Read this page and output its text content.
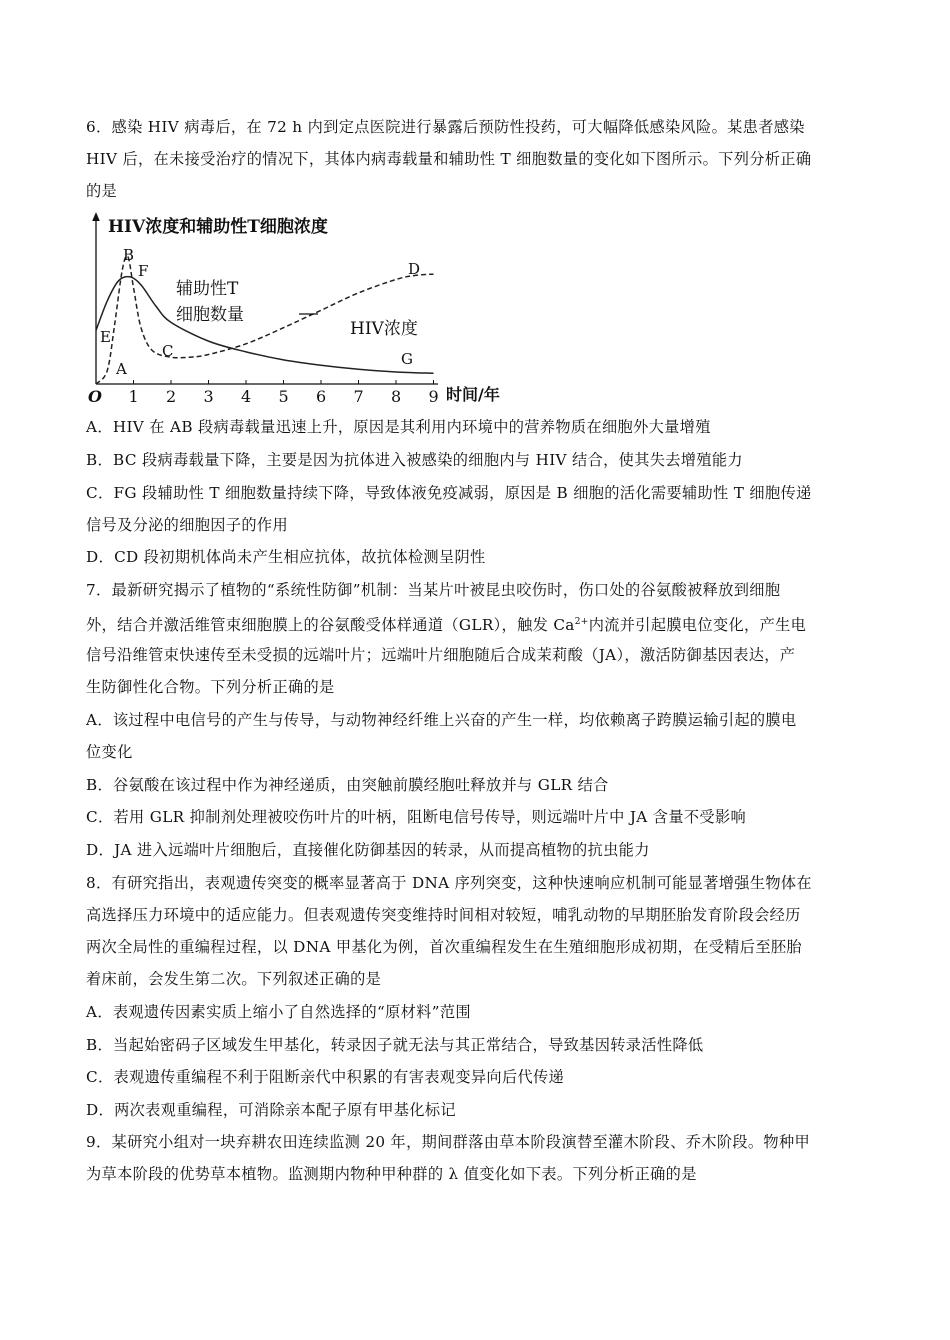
6．感染 HIV 病毒后，在 72 h 内到定点医院进行暴露后预防性投药，可大幅降低感染风险。某患者感染
HIV 后，在未接受治疗的情况下，其体内病毒载量和辅助性 T 细胞数量的变化如下图所示。下列分析正确
的是
HIV浓度和辅助性T细胞浓度
时间/年
O 1 2 3 4 5 6 7 8 9
辅助性T
细胞数量
HIV浓度
A
B
C
D
E
F
G
A．HIV 在 AB 段病毒载量迅速上升，原因是其利用内环境中的营养物质在细胞外大量增殖
B．BC 段病毒载量下降，主要是因为抗体进入被感染的细胞内与 HIV 结合，使其失去增殖能力
C．FG 段辅助性 T 细胞数量持续下降，导致体液免疫减弱，原因是 B 细胞的活化需要辅助性 T 细胞传递
信号及分泌的细胞因子的作用
D．CD 段初期机体尚未产生相应抗体，故抗体检测呈阴性
7．最新研究揭示了植物的“系统性防御”机制：当某片叶被昆虫咬伤时，伤口处的谷氨酸被释放到细胞
外，结合并激活维管束细胞膜上的谷氨酸受体样通道（GLR），触发 $Ca^{2+}$内流并引起膜电位变化，产生电
信号沿维管束快速传至未受损的远端叶片；远端叶片细胞随后合成茉莉酸（JA），激活防御基因表达，产
生防御性化合物。下列分析正确的是
A．该过程中电信号的产生与传导，与动物神经纤维上兴奋的产生一样，均依赖离子跨膜运输引起的膜电
位变化
B．谷氨酸在该过程中作为神经递质，由突触前膜经胞吐释放并与 GLR 结合
C．若用 GLR 抑制剂处理被咬伤叶片的叶柄，阻断电信号传导，则远端叶片中 JA 含量不受影响
D．JA 进入远端叶片细胞后，直接催化防御基因的转录，从而提高植物的抗虫能力
8．有研究指出，表观遗传突变的概率显著高于 DNA 序列突变，这种快速响应机制可能显著增强生物体在
高选择压力环境中的适应能力。但表观遗传突变维持时间相对较短，哺乳动物的早期胚胎发育阶段会经历
两次全局性的重编程过程，以 DNA 甲基化为例，首次重编程发生在生殖细胞形成初期，在受精后至胚胎
着床前，会发生第二次。下列叙述正确的是
A．表观遗传因素实质上缩小了自然选择的“原材料”范围
B．当起始密码子区域发生甲基化，转录因子就无法与其正常结合，导致基因转录活性降低
C．表观遗传重编程不利于阻断亲代中积累的有害表观变异向后代传递
D．两次表观重编程，可消除亲本配子原有甲基化标记
9．某研究小组对一块弃耕农田连续监测 20 年，期间群落由草本阶段演替至灌木阶段、乔木阶段。物种甲
为草本阶段的优势草本植物。监测期内物种甲种群的 λ 值变化如下表。下列分析正确的是
